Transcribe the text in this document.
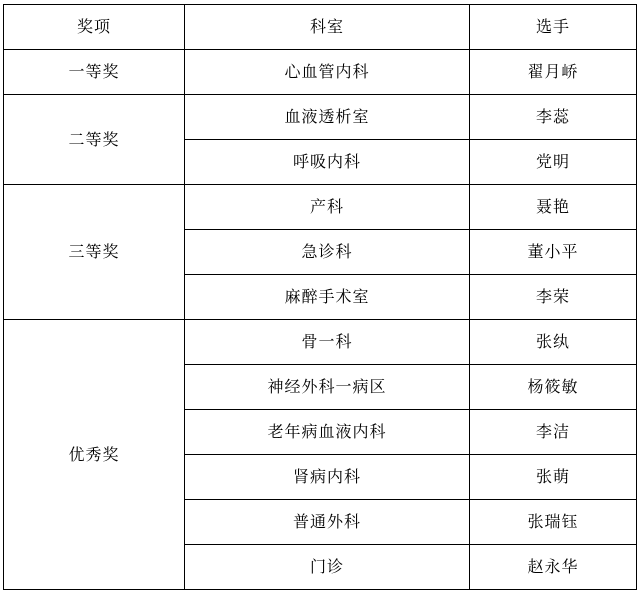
奖项	科室	选手

一等奖	心血管内科	翟月峤

二等奖	血液透析室	李蕊

	呼吸内科	党明

三等奖	产科	聂艳

	急诊科	董小平

	麻醉手术室	李荣

优秀奖	骨一科	张纨

	神经外科一病区	杨筱敏

	老年病血液内科	李洁

	肾病内科	张萌

	普通外科	张瑞钰

	门诊	赵永华
